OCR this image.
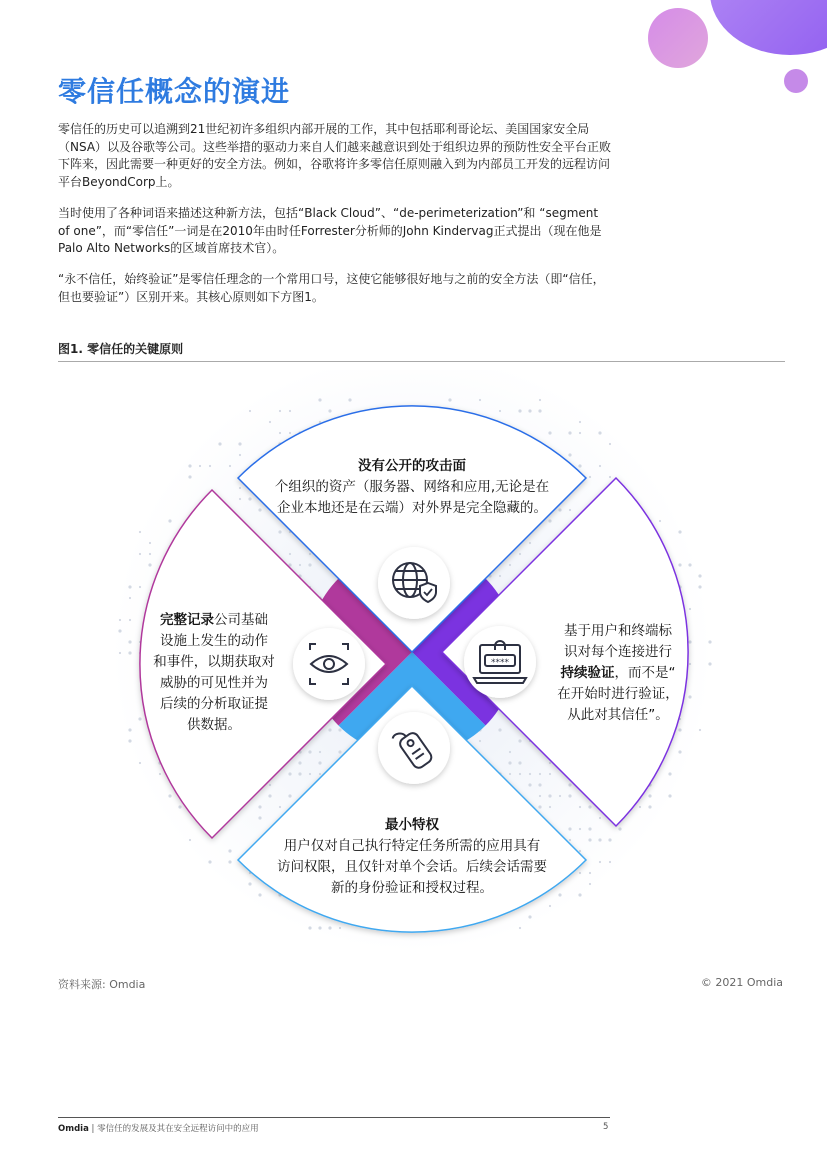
零信任概念的演进

零信任的历史可以追溯到21世纪初许多组织内部开展的工作，其中包括耶利哥论坛、美国国家安全局（NSA）以及谷歌等公司。这些举措的驱动力来自人们越来越意识到处于组织边界的预防性安全平台正败下阵来，因此需要一种更好的安全方法。例如，谷歌将许多零信任原则融入到为内部员工开发的远程访问平台BeyondCorp上。

当时使用了各种词语来描述这种新方法，包括“Black Cloud”、“de-perimeterization”和 “segment of one”，而“零信任”一词是在2010年由时任Forrester分析师的John Kindervag正式提出（现在他是Palo Alto Networks的区域首席技术官）。

“永不信任，始终验证”是零信任理念的一个常用口号，这使它能够很好地与之前的安全方法（即“信任，但也要验证”）区别开来。其核心原则如下方图1。

图1. 零信任的关键原则
****
没有公开的攻击面
个组织的资产（服务器、网络和应用,无论是在
企业本地还是在云端）对外界是完全隐藏的。
完整记录公司基础
设施上发生的动作
和事件，以期获取对
威胁的可见性并为
后续的分析取证提
供数据。
基于用户和终端标
识对每个连接进行
持续验证，而不是“
在开始时进行验证，
从此对其信任”。
最小特权
用户仅对自己执行特定任务所需的应用具有
访问权限，且仅针对单个会话。后续会话需要
新的身份验证和授权过程。
资料来源: Omdia	© 2021 Omdia
Omdia | 零信任的发展及其在安全远程访问中的应用	5
